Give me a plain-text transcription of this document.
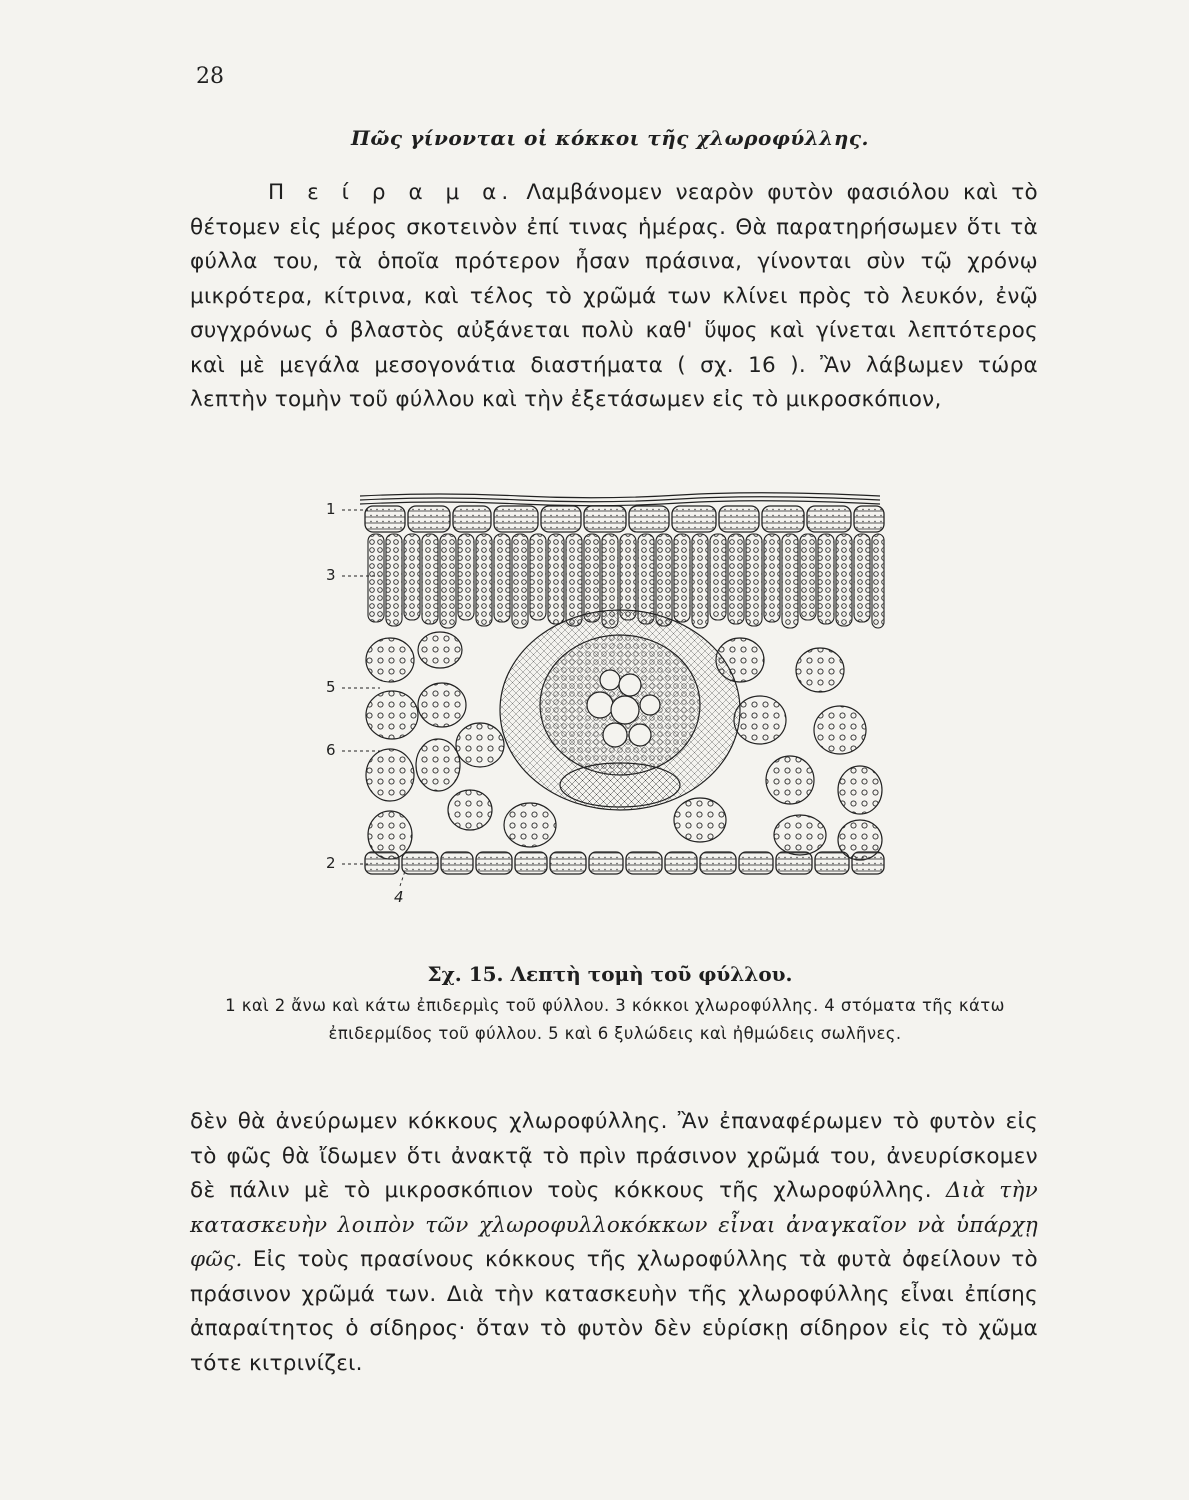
28
Πῶς γίνονται οἱ κόκκοι τῆς χλωροφύλλης.
Π ε ί ρ α μ α. Λαμβάνομεν νεαρὸν φυτὸν φασιόλου καὶ τὸ θέτομεν εἰς μέρος σκοτεινὸν ἐπί τινας ἡμέρας. Θὰ παρατηρήσωμεν ὅτι τὰ φύλλα του, τὰ ὁποῖα πρότερον ἦσαν πράσινα, γίνονται σὺν τῷ χρόνῳ μικρότερα, κίτρινα, καὶ τέλος τὸ χρῶμά των κλίνει πρὸς τὸ λευκόν, ἐνῷ συγχρόνως ὁ βλαστὸς αὐξάνεται πολὺ καθ' ὕψος καὶ γίνεται λεπτότερος καὶ μὲ μεγάλα μεσογονάτια διαστήματα ( σχ. 16 ). Ἂν λάβωμεν τώρα λεπτὴν τομὴν τοῦ φύλλου καὶ τὴν ἐξετάσωμεν εἰς τὸ μικροσκόπιον,
1
3
5
6
2
4
Σχ. 15. Λεπτὴ τομὴ τοῦ φύλλου.
1 καὶ 2 ἄνω καὶ κάτω ἐπιδερμὶς τοῦ φύλλου. 3 κόκκοι χλωροφύλλης. 4 στόματα τῆς κάτω ἐπιδερμίδος τοῦ φύλλου. 5 καὶ 6 ξυλώδεις καὶ ἠθμώδεις σωλῆνες.
δὲν θὰ ἀνεύρωμεν κόκκους χλωροφύλλης. Ἂν ἐπαναφέρωμεν τὸ φυτὸν εἰς τὸ φῶς θὰ ἴδωμεν ὅτι ἀνακτᾷ τὸ πρὶν πράσινον χρῶμά του, ἀνευρίσκομεν δὲ πάλιν μὲ τὸ μικροσκόπιον τοὺς κόκκους τῆς χλωροφύλλης. Διὰ τὴν κατασκευὴν λοιπὸν τῶν χλωροφυλλοκόκκων εἶναι ἀναγκαῖον νὰ ὑπάρχῃ φῶς. Εἰς τοὺς πρασίνους κόκκους τῆς χλωροφύλλης τὰ φυτὰ ὀφείλουν τὸ πράσινον χρῶμά των. Διὰ τὴν κατασκευὴν τῆς χλωροφύλλης εἶναι ἐπίσης ἀπαραίτητος ὁ σίδηρος· ὅταν τὸ φυτὸν δὲν εὑρίσκῃ σίδηρον εἰς τὸ χῶμα τότε κιτρινίζει.
